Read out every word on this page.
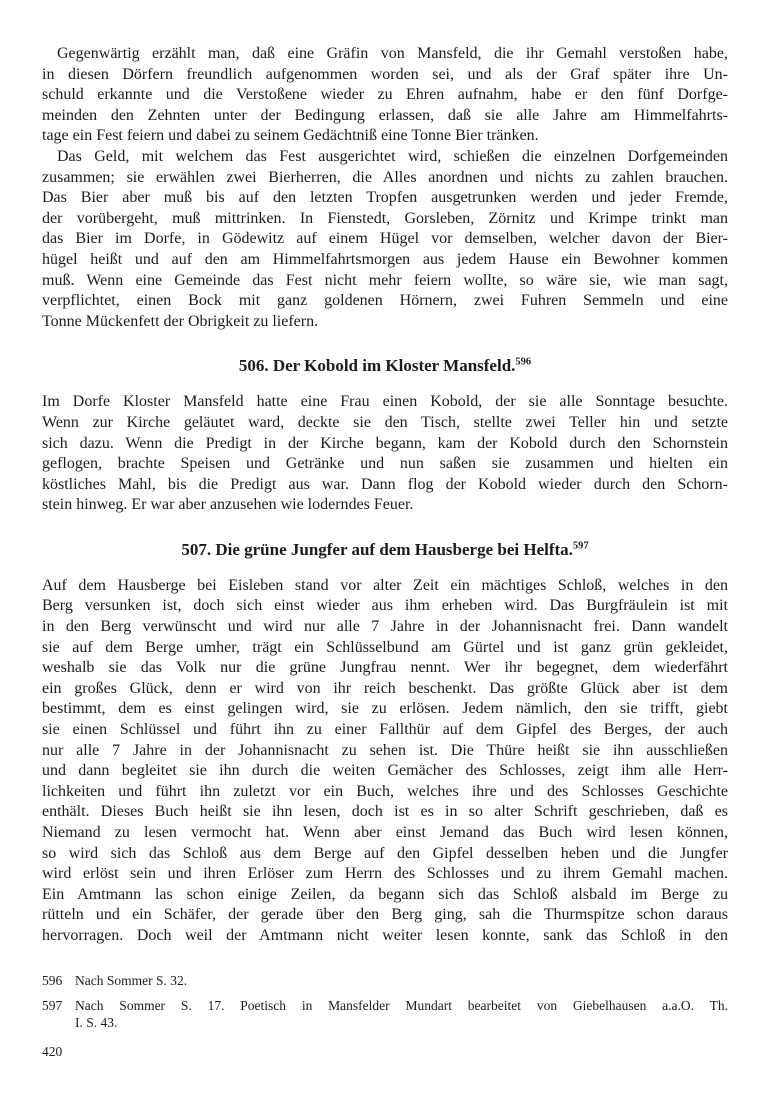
Gegenwärtig erzählt man, daß eine Gräfin von Mansfeld, die ihr Gemahl verstoßen habe,
in diesen Dörfern freundlich aufgenommen worden sei, und als der Graf später ihre Un-
schuld erkannte und die Verstoßene wieder zu Ehren aufnahm, habe er den fünf Dorfge-
meinden den Zehnten unter der Bedingung erlassen, daß sie alle Jahre am Himmelfahrts-
tage ein Fest feiern und dabei zu seinem Gedächtniß eine Tonne Bier tränken.
Das Geld, mit welchem das Fest ausgerichtet wird, schießen die einzelnen Dorfgemeinden
zusammen; sie erwählen zwei Bierherren, die Alles anordnen und nichts zu zahlen brauchen.
Das Bier aber muß bis auf den letzten Tropfen ausgetrunken werden und jeder Fremde,
der vorübergeht, muß mittrinken. In Fienstedt, Gorsleben, Zörnitz und Krimpe trinkt man
das Bier im Dorfe, in Gödewitz auf einem Hügel vor demselben, welcher davon der Bier-
hügel heißt und auf den am Himmelfahrtsmorgen aus jedem Hause ein Bewohner kommen
muß. Wenn eine Gemeinde das Fest nicht mehr feiern wollte, so wäre sie, wie man sagt,
verpflichtet, einen Bock mit ganz goldenen Hörnern, zwei Fuhren Semmeln und eine
Tonne Mückenfett der Obrigkeit zu liefern.
506. Der Kobold im Kloster Mansfeld.$^{596}$
Im Dorfe Kloster Mansfeld hatte eine Frau einen Kobold, der sie alle Sonntage besuchte.
Wenn zur Kirche geläutet ward, deckte sie den Tisch, stellte zwei Teller hin und setzte
sich dazu. Wenn die Predigt in der Kirche begann, kam der Kobold durch den Schornstein
geflogen, brachte Speisen und Getränke und nun saßen sie zusammen und hielten ein
köstliches Mahl, bis die Predigt aus war. Dann flog der Kobold wieder durch den Schorn-
stein hinweg. Er war aber anzusehen wie loderndes Feuer.
507. Die grüne Jungfer auf dem Hausberge bei Helfta.$^{597}$
Auf dem Hausberge bei Eisleben stand vor alter Zeit ein mächtiges Schloß, welches in den
Berg versunken ist, doch sich einst wieder aus ihm erheben wird. Das Burgfräulein ist mit
in den Berg verwünscht und wird nur alle 7 Jahre in der Johannisnacht frei. Dann wandelt
sie auf dem Berge umher, trägt ein Schlüsselbund am Gürtel und ist ganz grün gekleidet,
weshalb sie das Volk nur die grüne Jungfrau nennt. Wer ihr begegnet, dem wiederfährt
ein großes Glück, denn er wird von ihr reich beschenkt. Das größte Glück aber ist dem
bestimmt, dem es einst gelingen wird, sie zu erlösen. Jedem nämlich, den sie trifft, giebt
sie einen Schlüssel und führt ihn zu einer Fallthür auf dem Gipfel des Berges, der auch
nur alle 7 Jahre in der Johannisnacht zu sehen ist. Die Thüre heißt sie ihn ausschließen
und dann begleitet sie ihn durch die weiten Gemächer des Schlosses, zeigt ihm alle Herr-
lichkeiten und führt ihn zuletzt vor ein Buch, welches ihre und des Schlosses Geschichte
enthält. Dieses Buch heißt sie ihn lesen, doch ist es in so alter Schrift geschrieben, daß es
Niemand zu lesen vermocht hat. Wenn aber einst Jemand das Buch wird lesen können,
so wird sich das Schloß aus dem Berge auf den Gipfel desselben heben und die Jungfer
wird erlöst sein und ihren Erlöser zum Herrn des Schlosses und zu ihrem Gemahl machen.
Ein Amtmann las schon einige Zeilen, da begann sich das Schloß alsbald im Berge zu
rütteln und ein Schäfer, der gerade über den Berg ging, sah die Thurmspitze schon daraus
hervorragen. Doch weil der Amtmann nicht weiter lesen konnte, sank das Schloß in den
596 Nach Sommer S. 32.
597 Nach Sommer S. 17. Poetisch in Mansfelder Mundart bearbeitet von Giebelhausen a.a.O. Th.
I. S. 43.
420
